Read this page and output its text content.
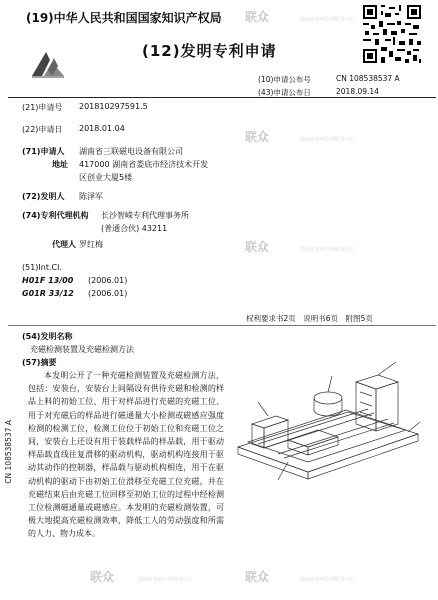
(19)中华人民共和国国家知识产权局
(12)发明专利申请
(10)申请公布号	CN 108538537 A
(43)申请公布日	2018.09.14
(21)申请号 201810297591.5
(22)申请日 2018.01.04
(71)申请人 湖南省三联磁电设备有限公司
地址 417000 湖南省娄底市经济技术开发
区创业大厦5楼
(72)发明人 陈泽军
(74)专利代理机构 长沙智嵘专利代理事务所
(普通合伙) 43211
代理人 罗红梅
(51)Int.Cl.
H01F 13/00 (2006.01)
G01R 33/12 (2006.01)
权利要求书2页　说明书6页　附图5页
(54)发明名称
充磁检测装置及充磁检测方法
(57)摘要

本发明公开了一种充磁检测装置及充磁检测方法，包括：安装台，安装台上间隔设有供待充磁和检测的样品上料的初始工位、用于对样品进行充磁的充磁工位、用于对充磁后的样品进行磁通量大小检测或磁感应强度检测的检测工位，检测工位位于初始工位和充磁工位之间，安装台上还设有用于装载样品的样品载，用于驱动样品载直线往复滑移的驱动机构，驱动机构连接用于驱动其动作的控制器，样品载与驱动机构相连，用于在驱动机构的驱动下由初始工位滑移至充磁工位充磁，并在充磁结束后由充磁工位回移至初始工位的过程中经检测工位检测磁通量或磁感应。本发明的充磁检测装置，可极大地提高充磁检测效率，降低工人的劳动强度和所需的人力、物力成本。

CN 108538537 A
联众	湖南省发明专利服务中心
联众	湖南省发明专利服务中心
联众	湖南省发明专利服务中心
联众	湖南省发明专利服务中心	联众	湖南省发明专利服务中心
